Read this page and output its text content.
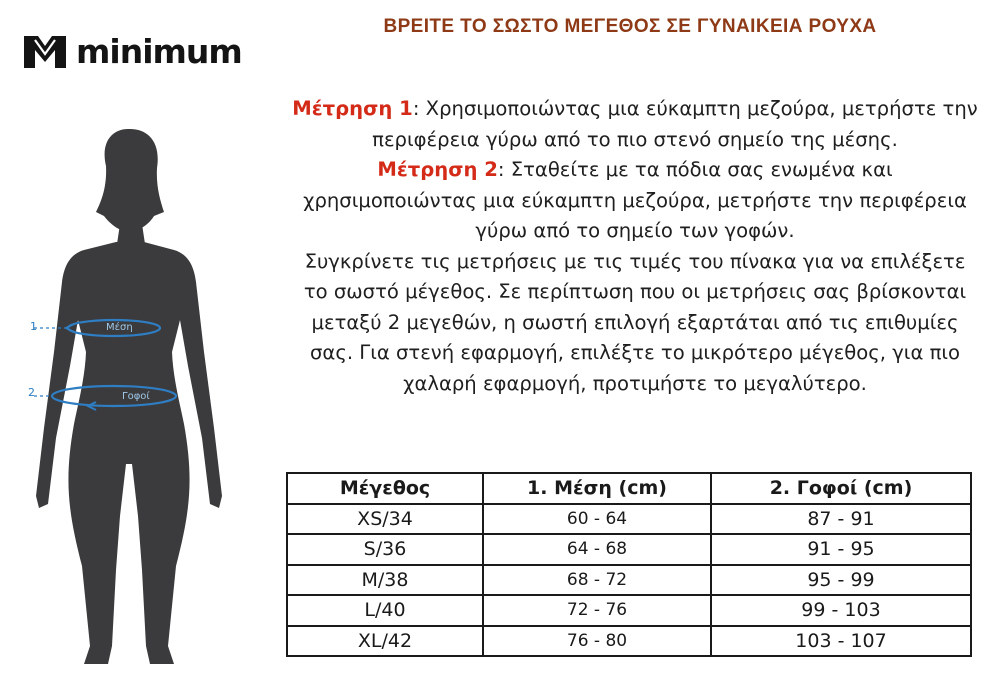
minimum
ΒΡΕΙΤΕ ΤΟ ΣΩΣΤΟ ΜΕΓΕΘΟΣ ΣΕ ΓΥΝΑΙΚΕΙΑ ΡΟΥΧΑ

Μέτρηση 1: Χρησιμοποιώντας μια εύκαμπτη μεζούρα, μετρήστε την περιφέρεια γύρω από το πιο στενό σημείο της μέσης.

Μέτρηση 2: Σταθείτε με τα πόδια σας ενωμένα και χρησιμοποιώντας μια εύκαμπτη μεζούρα, μετρήστε την περιφέρεια γύρω από το σημείο των γοφών.

Συγκρίνετε τις μετρήσεις με τις τιμές του πίνακα για να επιλέξετε το σωστό μέγεθος. Σε περίπτωση που οι μετρήσεις σας βρίσκονται μεταξύ 2 μεγεθών, η σωστή επιλογή εξαρτάται από τις επιθυμίες σας. Για στενή εφαρμογή, επιλέξτε το μικρότερο μέγεθος, για πιο χαλαρή εφαρμογή, προτιμήστε το μεγαλύτερο.

1	Μέση
2	Γοφοί
Μέγεθος	1. Μέση (cm)	2. Γοφοί (cm)
XS/34	60 - 64	87 - 91
S/36	64 - 68	91 - 95
M/38	68 - 72	95 - 99
L/40	72 - 76	99 - 103
XL/42	76 - 80	103 - 107
